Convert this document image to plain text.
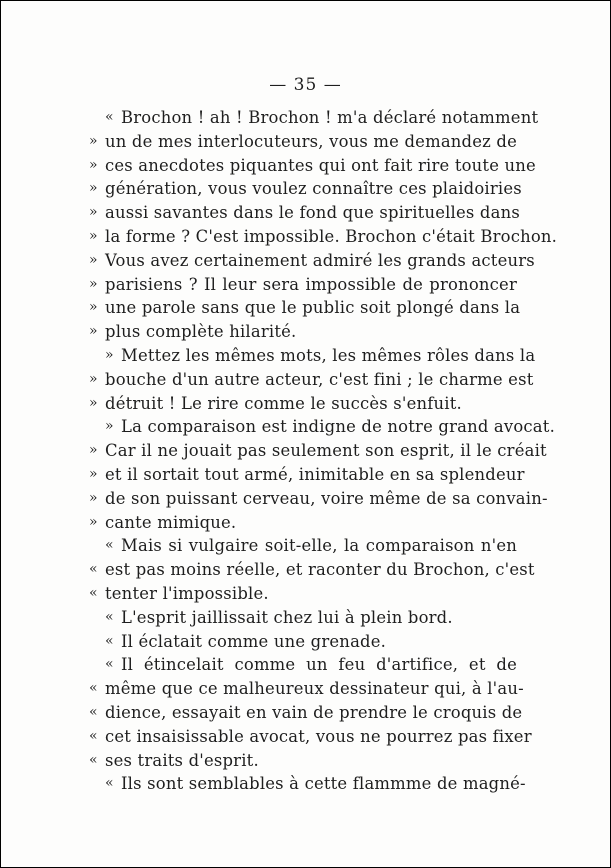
— 35 —
« Brochon ! ah ! Brochon ! m'a déclaré notamment
» un de mes interlocuteurs, vous me demandez de
» ces anecdotes piquantes qui ont fait rire toute une
» génération, vous voulez connaître ces plaidoiries
» aussi savantes dans le fond que spirituelles dans
» la forme ? C'est impossible. Brochon c'était Brochon.
» Vous avez certainement admiré les grands acteurs
» parisiens ? Il leur sera impossible de prononcer
» une parole sans que le public soit plongé dans la
» plus complète hilarité.
» Mettez les mêmes mots, les mêmes rôles dans la
» bouche d'un autre acteur, c'est fini ; le charme est
» détruit ! Le rire comme le succès s'enfuit.
» La comparaison est indigne de notre grand avocat.
» Car il ne jouait pas seulement son esprit, il le créait
» et il sortait tout armé, inimitable en sa splendeur
» de son puissant cerveau, voire même de sa convain-
» cante mimique.
« Mais si vulgaire soit-elle, la comparaison n'en
« est pas moins réelle, et raconter du Brochon, c'est
« tenter l'impossible.
« L'esprit jaillissait chez lui à plein bord.
« Il éclatait comme une grenade.
« Il étincelait comme un feu d'artifice, et de
« même que ce malheureux dessinateur qui, à l'au-
« dience, essayait en vain de prendre le croquis de
« cet insaisissable avocat, vous ne pourrez pas fixer
« ses traits d'esprit.
« Ils sont semblables à cette flammme de magné-
